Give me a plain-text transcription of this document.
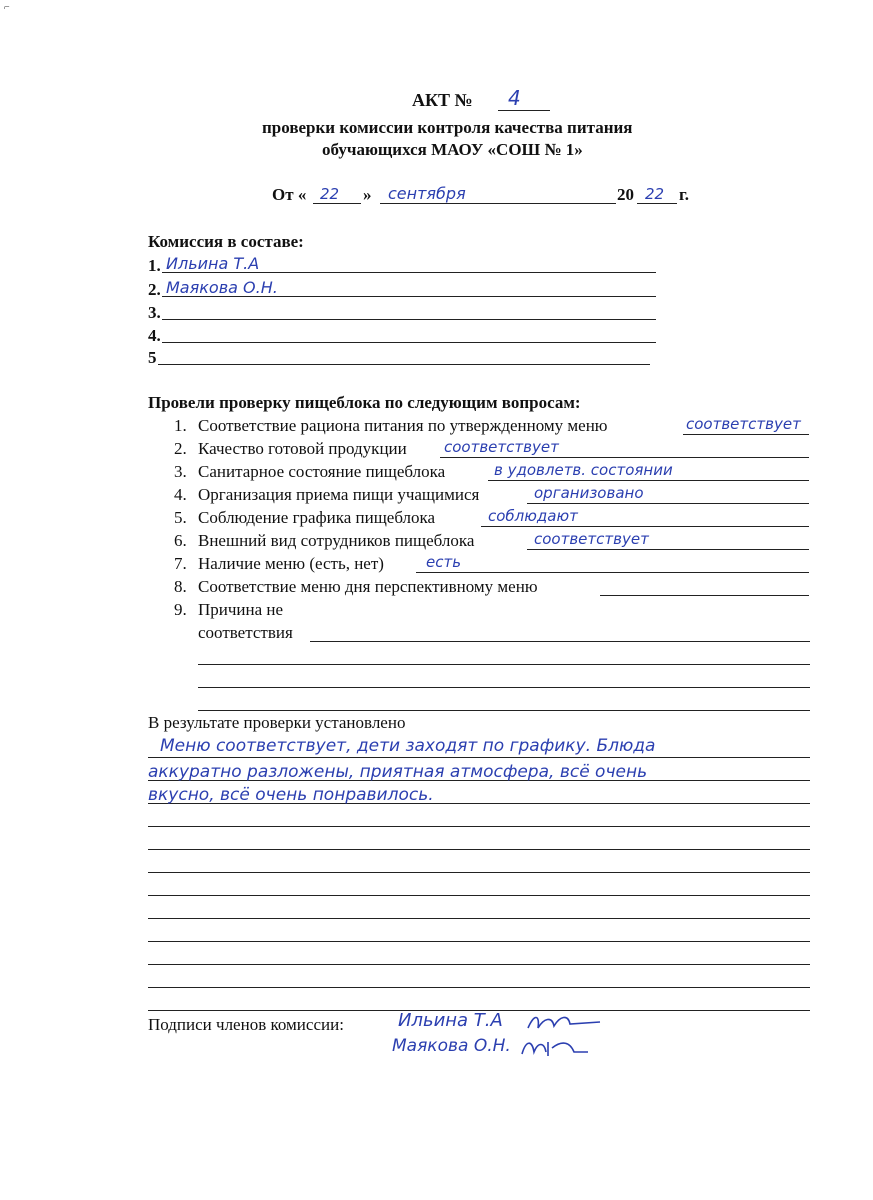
⌐
АКТ № 4
проверки комиссии контроля качества питания
обучающихся МАОУ «СОШ № 1»
От « 22 » сентября	20 22 г.
Комиссия в составе:
1. Ильина Т.А
2. Маякова О.Н.
3.
4.
5
Провели проверку пищеблока по следующим вопросам:
1. Соответствие рациона питания по утвержденному меню	соответствует
2. Качество готовой продукции соответствует
3. Санитарное состояние пищеблока	в удовлетв. состоянии
4. Организация приема пищи учащимися	организовано
5. Соблюдение графика пищеблока	соблюдают
6. Внешний вид сотрудников пищеблока	соответствует
7. Наличие меню (есть, нет)	есть
8. Соответствие меню дня перспективному меню
9. Причина не
соответствия
В результате проверки установлено
Меню соответствует, дети заходят по графику. Блюда
аккуратно разложены, приятная атмосфера, всё очень
вкусно, всё очень понравилось.
Подписи членов комиссии:	Ильина Т.А
Маякова О.Н.
